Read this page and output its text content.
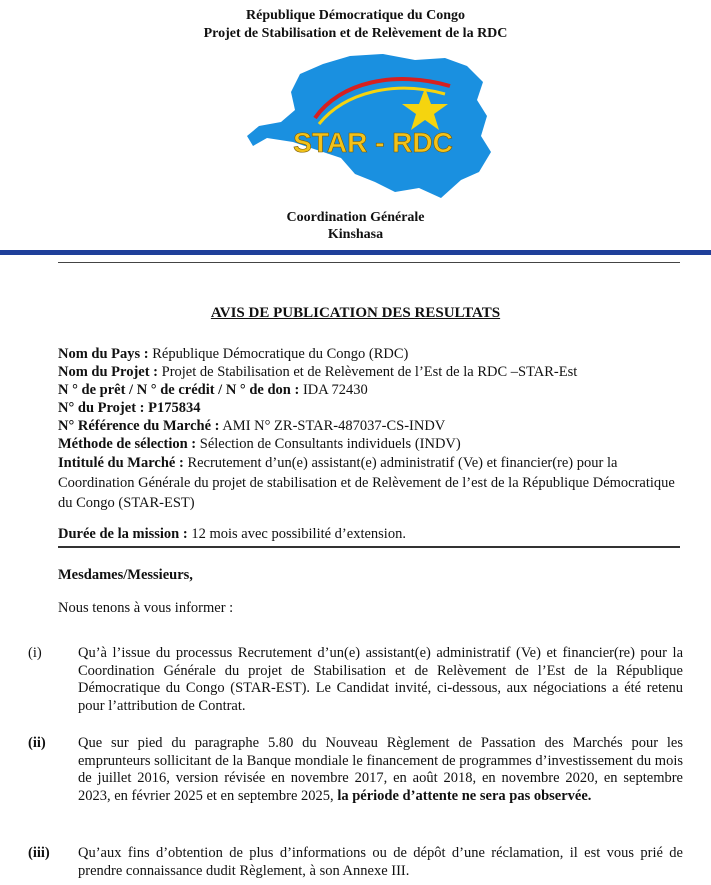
République Démocratique du Congo
Projet de Stabilisation et de Relèvement de la RDC
STAR - RDC
Coordination Générale
Kinshasa
AVIS DE PUBLICATION DES RESULTATS
Nom du Pays : République Démocratique du Congo (RDC)
Nom du Projet : Projet de Stabilisation et de Relèvement de l’Est de la RDC –STAR-Est
N ° de prêt / N ° de crédit / N ° de don : IDA 72430
N° du Projet : P175834
N° Référence du Marché : AMI N° ZR-STAR-487037-CS-INDV
Méthode de sélection : Sélection de Consultants individuels (INDV)
Intitulé du Marché : Recrutement d’un(e) assistant(e) administratif (Ve) et financier(re) pour la Coordination Générale du projet de stabilisation et de Relèvement de l’est de la République Démocratique du Congo (STAR-EST)
Durée de la mission : 12 mois avec possibilité d’extension.
Mesdames/Messieurs,
Nous tenons à vous informer :
(i)	Qu’à l’issue du processus Recrutement d’un(e) assistant(e) administratif (Ve) et financier(re) pour la Coordination Générale du projet de Stabilisation et de Relèvement de l’Est de la République Démocratique du Congo (STAR-EST). Le Candidat invité, ci-dessous, aux négociations a été retenu pour l’attribution de Contrat.
(ii)	Que sur pied du paragraphe 5.80 du Nouveau Règlement de Passation des Marchés pour les emprunteurs sollicitant de la Banque mondiale le financement de programmes d’investissement du mois de juillet 2016, version révisée en novembre 2017, en août 2018, en novembre 2020, en septembre 2023, en février 2025 et en septembre 2025, la période d’attente ne sera pas observée.
(iii)	Qu’aux fins d’obtention de plus d’informations ou de dépôt d’une réclamation, il est vous prié de prendre connaissance dudit Règlement, à son Annexe III.
